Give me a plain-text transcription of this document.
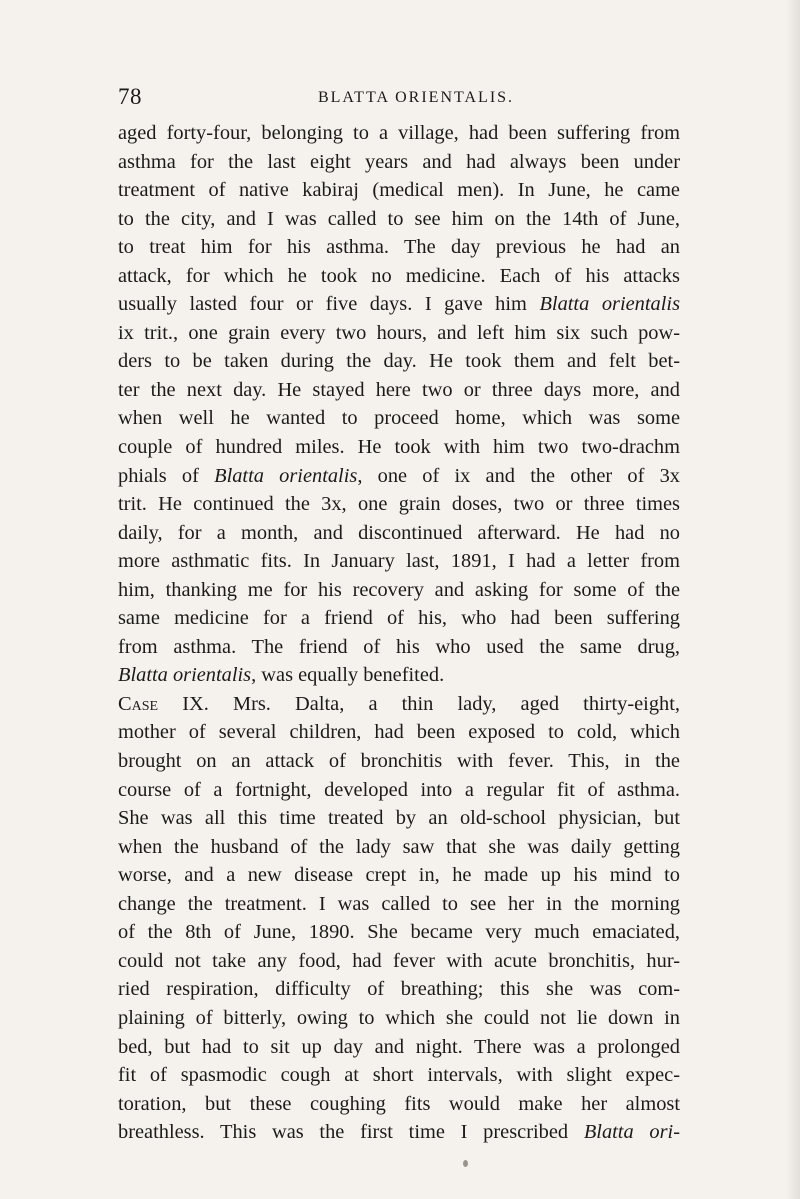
78	BLATTA ORIENTALIS.
aged forty-four, belonging to a village, had been suffering from
asthma for the last eight years and had always been under
treatment of native kabiraj (medical men). In June, he came
to the city, and I was called to see him on the 14th of June,
to treat him for his asthma. The day previous he had an
attack, for which he took no medicine. Each of his attacks
usually lasted four or five days. I gave him Blatta orientalis
ix trit., one grain every two hours, and left him six such pow-
ders to be taken during the day. He took them and felt bet-
ter the next day. He stayed here two or three days more, and
when well he wanted to proceed home, which was some
couple of hundred miles. He took with him two two-drachm
phials of Blatta orientalis, one of ix and the other of 3x
trit. He continued the 3x, one grain doses, two or three times
daily, for a month, and discontinued afterward. He had no
more asthmatic fits. In January last, 1891, I had a letter from
him, thanking me for his recovery and asking for some of the
same medicine for a friend of his, who had been suffering
from asthma. The friend of his who used the same drug,
Blatta orientalis, was equally benefited.
Case IX. Mrs. Dalta, a thin lady, aged thirty-eight,
mother of several children, had been exposed to cold, which
brought on an attack of bronchitis with fever. This, in the
course of a fortnight, developed into a regular fit of asthma.
She was all this time treated by an old-school physician, but
when the husband of the lady saw that she was daily getting
worse, and a new disease crept in, he made up his mind to
change the treatment. I was called to see her in the morning
of the 8th of June, 1890. She became very much emaciated,
could not take any food, had fever with acute bronchitis, hur-
ried respiration, difficulty of breathing; this she was com-
plaining of bitterly, owing to which she could not lie down in
bed, but had to sit up day and night. There was a prolonged
fit of spasmodic cough at short intervals, with slight expec-
toration, but these coughing fits would make her almost
breathless. This was the first time I prescribed Blatta ori-
